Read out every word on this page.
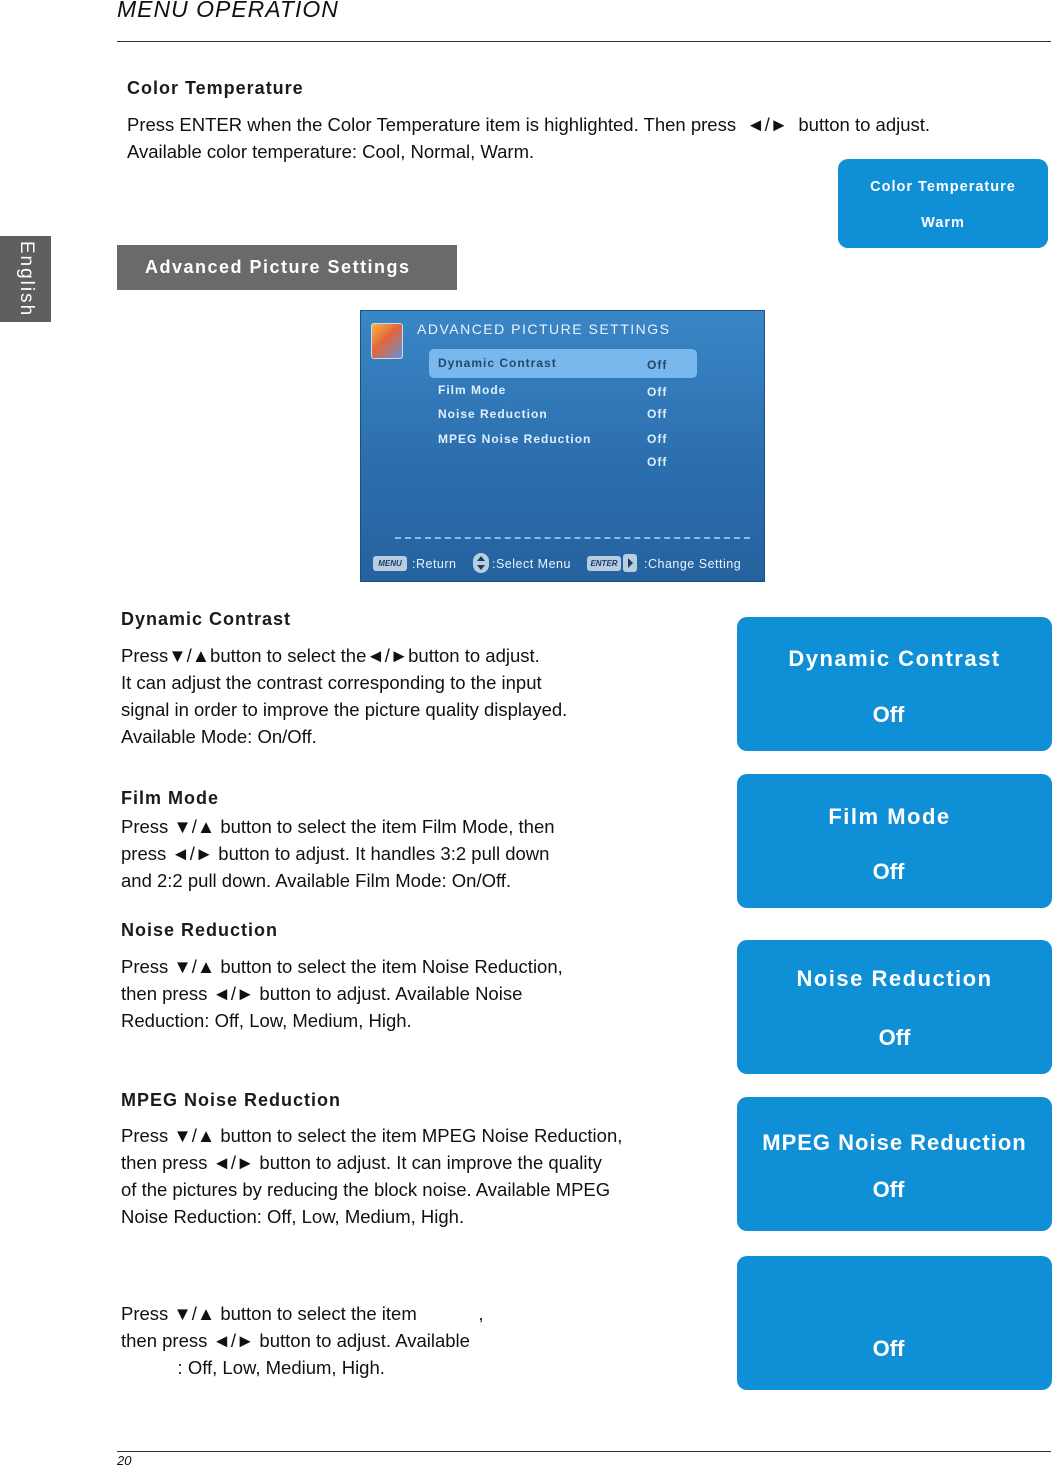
MENU OPERATION
English
Color Temperature
Press ENTER when the Color Temperature item is highlighted. Then press  ◄/►  button to adjust.
Available color temperature: Cool, Normal, Warm.
Color Temperature
Warm
Advanced Picture Settings
ADVANCED PICTURE SETTINGS
Dynamic Contrast	Off
Film Mode	Off
Noise Reduction	Off
MPEG Noise Reduction	Off
Off
MENU :Return	:Select Menu	ENTER :Change Setting
Dynamic Contrast
Press▼/▲button to select the◄/►button to adjust.
It can adjust the contrast corresponding to the input
signal in order to improve the picture quality displayed.
Available Mode: On/Off.
Dynamic Contrast
Off
Film Mode
Press ▼/▲ button to select the item Film Mode, then
press ◄/► button to adjust. It handles 3:2 pull down
and 2:2 pull down. Available Film Mode: On/Off.
Film Mode
Off
Noise Reduction
Press ▼/▲ button to select the item Noise Reduction,
then press ◄/► button to adjust. Available Noise
Reduction: Off, Low, Medium, High.
Noise Reduction
Off
MPEG Noise Reduction
Press ▼/▲ button to select the item MPEG Noise Reduction,
then press ◄/► button to adjust. It can improve the quality
of the pictures by reducing the block noise. Available MPEG
Noise Reduction: Off, Low, Medium, High.
MPEG Noise Reduction
Off
Press ▼/▲ button to select the item            ,
then press ◄/► button to adjust. Available
: Off, Low, Medium, High.
Off
20
